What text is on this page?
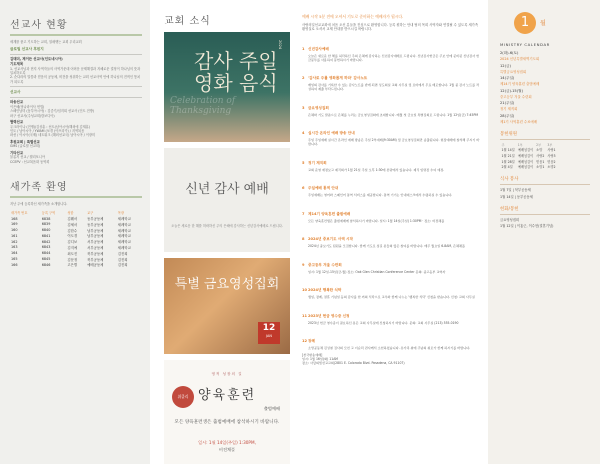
선교사 현황
세계를 품고 기도하는 교회, 열매맺는 교회 우리교회
글로벌 선교사 후원지
김태미, 제이든 선교사(인도네시아)
기도제목
1. 선교사님과 현지 사역자들의 사역가운데 어려운 문제해결과 지혜로운 결정이 하나님의 뜻과 일치하도록
2. 순다라의 말씀과 믿음의 공동체, 비전을 성취하는 교회 선교사역 안에 하나님의 전적인 통치가 되도록
선교사
파송선교
이은혜(당나라이사 헌법)
스페인남미 (동부아시아) : 김중기/임지희 선교사 (인도 전방)
파구 선교사(주성교회/캄보디아)
협력선교
우크라이나 (전쟁)/김상훈 : 선도(남아시아/해외에 김재훈)
인도 / 남아시아 / YWAM (보경 (아프리카) / 지역복음
파선 / 아시아(국제) 네트워크 (해외선교국) 남아시아 / 이장미
후원교회 | 특별선교
GMS (글로벌 선교회)
기타선교
블롬지 선교 / 캘리포니아
CCEPV : 선교복음화 동역회
새가족 환영
지난 주에 등록하신 새가족을 소개합니다.
새가족 번호	등록 구역	성함	교구	목장
168	6838	김웨서	동부공동체	세례학교
169	6839	김체서	동부공동체	세례학교
160	6840	김한수	남부공동체	세례학교
161	6841	이도경	남부공동체	세례학교
162	6842	김디보	서부공동체	세례학교
163	6843	김지예	서부공동체	세례학교
164	6844	최도진	북부공동체	김진희
165	6845	김문정	북부공동체	김진희
166	6846	고은별	예배공동체	김진희
교회 소식
2024
감사 주일 영화 음식
Celebration of Thanksgiving
신년 감사 예배
오늘은 새로운 한 해를 허락하신 주의 은혜에 감사하는 신년감사예배로 드립니다.
특별 금요영성집회
12
JAN
영적 성장의 길
위클리 양육훈련
출범예배
모든 양육훈련생은 출범예배에 참석하시기 바랍니다.
일시: 1월 14일(주일) 1:30PM,
비전채플
예배 시작 5분 전에 오셔서 기도로 준비하는 예배자가 됩시다.
사랑의일선교교회에 처음 오신 분들을 진심으로 환영합니다. 등록 원하는 안내 팀의 목회 사역자와 연결될 수 있도록 새가족 환영실로 오셔서 교제 안내를 받으시길 바랍니다.
1 신년감사예배
오늘은 새로운 한 해를 허락하신 주의 은혜에 감사하는 신년감사예배로 드립니다. 신년감사헌금은 주보 안에 준비된 신년감사 헌금봉투를 사용하여 봉헌하시기 바랍니다.
2 '감사로 주를 영화롭게 하라' 감사노트
매일의 감사를 기록한 수 있는 감사노트를 받게 되면 성도회실 교회 사무실 및 로비에서 무료 배포합니다. 1월 중 감사 노트를 작성하여 제출 부탁드립니다.
3 금요영성집회
은혜와 기도 말씀으로 은혜를 누리는 금요영성집회에 초대합니다. 매월 첫 금요일 특별집회로 드립니다. 1월 12일(금) 7:45PM
4 실시간 온라인 예배 방송 안내
주일 주일예배 실시간 온라인 예배 방송은 주일 2부예배(9:30AM) 및 금요영성집회만 송출됩니다. 현장예배에 참석해 주시기 바랍니다.
5 정기 제직회
교회 운영 재정보고 제직회가 1월 21일 주일 오후 1:30에 본당에서 있습니다. 제직 임명장 수여 예정.
6 주일예배 통역 안내
주일예배는 영어와 스페인어 통역 서비스를 제공합니다. 통역 기기는 안내데스크에서 수령하실 수 있습니다.
7 제14기 양육훈련 출범예배
모든 양육훈련생은 출범예배에 참석하시기 바랍니다. 일시: 1월 14일(주일) 1:30PM · 장소: 비전채플
8 2024년 중보기도 사역 시작
2024년 중보기도 팀원을 모집합니다. 함께 기도로 섬길 분들의 많은 참여를 바랍니다. 매주 월요일 6-8AM, 은혜채플
9 중고등부 겨울 수련회
일시: 1월 12일-15일(금-월) 장소: Oak Glen Christian Conference Center 문의: 중고등부 교역자
102024년 행복한 식탁
생일, 장례, 결혼 기념일 등의 감사를 한 끼의 식탁으로 교우와 함께 나누는 '행복한 식탁' 신청을 받습니다. 신청: 교회 사무실
112023년 헌금 영수증 신청
2023년 헌금 영수증이 필요하신 분은 교회 사무실에 신청하시기 바랍니다. 문의: 교회 사무실 (213) 555-0190
12장례
소망공동체 김성철 집사의 모친 고 이순덕 권사께서 소천하셨습니다. 유가족 위에 주님의 위로가 함께 하시기를 바랍니다.
[천국환송예배]
일시: 1월 16일(화) 11AM
장소: 사랑의빛선교교회(2801 E. Colorado Blvd. Pasadena, CA 91107)
1	월
MINISTRY CALENDAR
2(화)-6(토)
2024 신년특별새벽기도회
12(금)
특별금요영성집회
14(주일)
제14기 양육훈련 출범예배
12(금)-15(월)
중고등부 겨울 수련회
21(주일)
정기 제직회
28(주일)
제1기 사역훈련 수료예배
봉헌위원
주	1부	2부	3부
1월 14일	예배섬김이	소망	사랑1
1월 21일	예배섬김이	사랑2	사랑3
1월 28일	예배섬김이	믿음1	믿음2
2월 4일	예배섬김이	소망1	소망2
식사 봉사
1월 7일 | 북부공동체
1월 14일 | 동부공동체
헌화/봉헌
금요영성집회
1월 12일 | 이홍근, 이수현(결혼기념)
